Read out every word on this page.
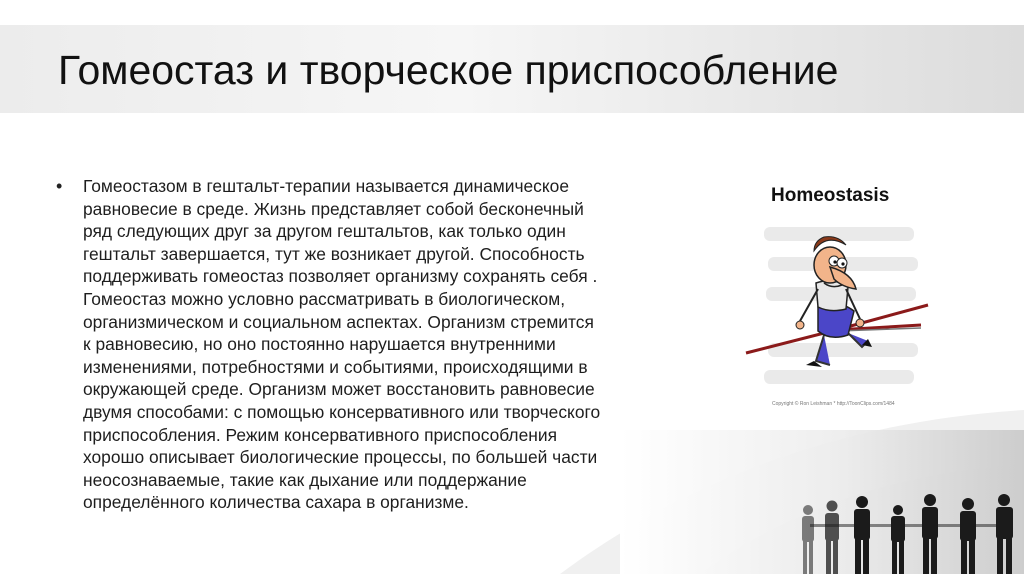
Гомеостаз и творческое приспособление
• Гомеостазом в гештальт-терапии называется динамическое
равновесие в среде. Жизнь представляет собой бесконечный
ряд следующих друг за другом гештальтов, как только один
гештальт завершается, тут же возникает другой. Способность
поддерживать гомеостаз позволяет организму сохранять себя .
Гомеостаз можно условно рассматривать в биологическом,
организмическом и социальном аспектах. Организм стремится
к равновесию, но оно постоянно нарушается внутренними
изменениями, потребностями и событиями, происходящими в
окружающей среде. Организм может восстановить равновесие
двумя способами: с помощью консервативного или творческого
приспособления. Режим консервативного приспособления
хорошо описывает биологические процессы, по большей части
неосознаваемые, такие как дыхание или поддержание
определённого количества сахара в организме.

Homeostasis
Copyright © Ron Leishman * http://ToonClips.com/1484
